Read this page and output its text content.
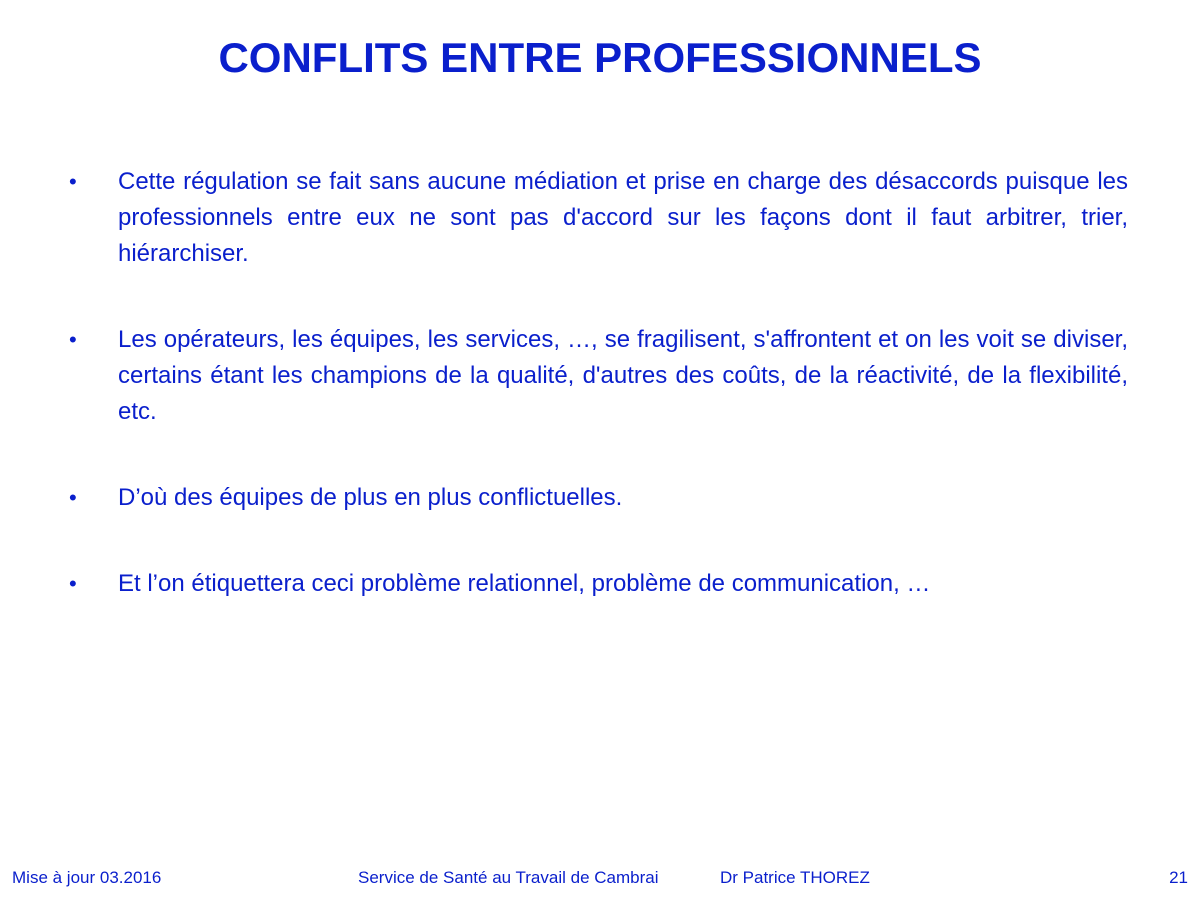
CONFLITS ENTRE PROFESSIONNELS
• Cette régulation se fait sans aucune médiation et prise en charge des désaccords puisque les professionnels entre eux ne sont pas d'accord sur les façons dont il faut arbitrer, trier, hiérarchiser.
• Les opérateurs, les équipes, les services, …, se fragilisent, s'affrontent et on les voit se diviser, certains étant les champions de la qualité, d'autres des coûts, de la réactivité, de la flexibilité, etc.
• D’où des équipes de plus en plus conflictuelles.
• Et l’on étiquettera ceci problème relationnel, problème de communication, …
Mise à jour 03.2016	Service de Santé au Travail de Cambrai	Dr Patrice THOREZ	21
